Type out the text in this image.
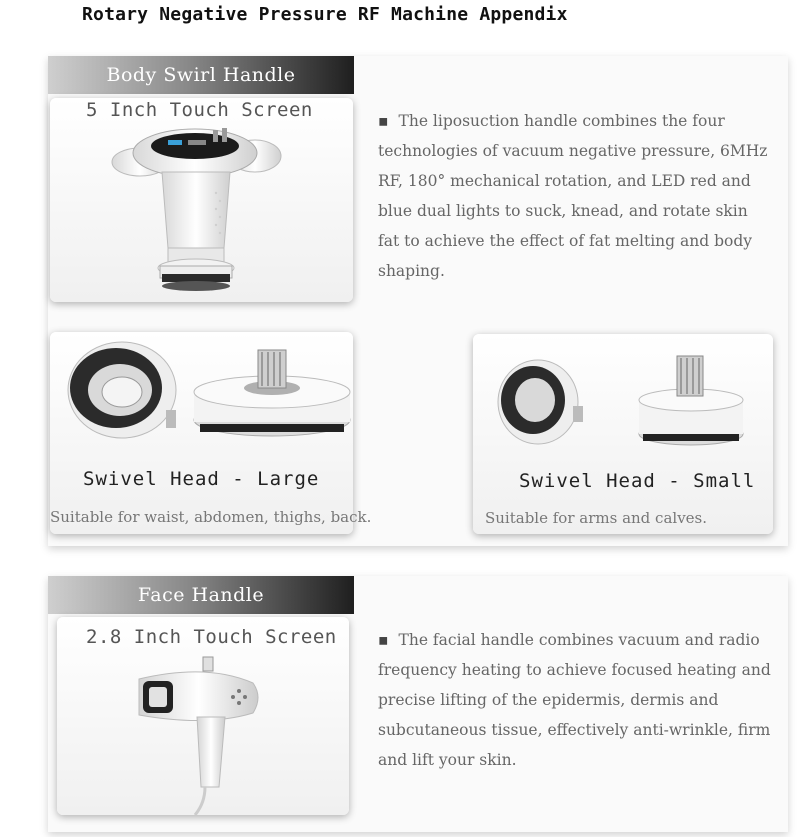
Rotary Negative Pressure RF Machine Appendix
Body Swirl Handle
5 Inch Touch Screen	▪ The liposuction handle combines the four technologies of vacuum negative pressure, 6MHz RF, 180° mechanical rotation, and LED red and blue dual lights to suck, knead, and rotate skin fat to achieve the effect of fat melting and body shaping.
Swivel Head - Large
Suitable for waist, abdomen, thighs, back.
Swivel Head - Small
Suitable for arms and calves.
Face Handle
2.8 Inch Touch Screen	▪ The facial handle combines vacuum and radio frequency heating to achieve focused heating and precise lifting of the epidermis, dermis and subcutaneous tissue, effectively anti-wrinkle, firm and lift your skin.
